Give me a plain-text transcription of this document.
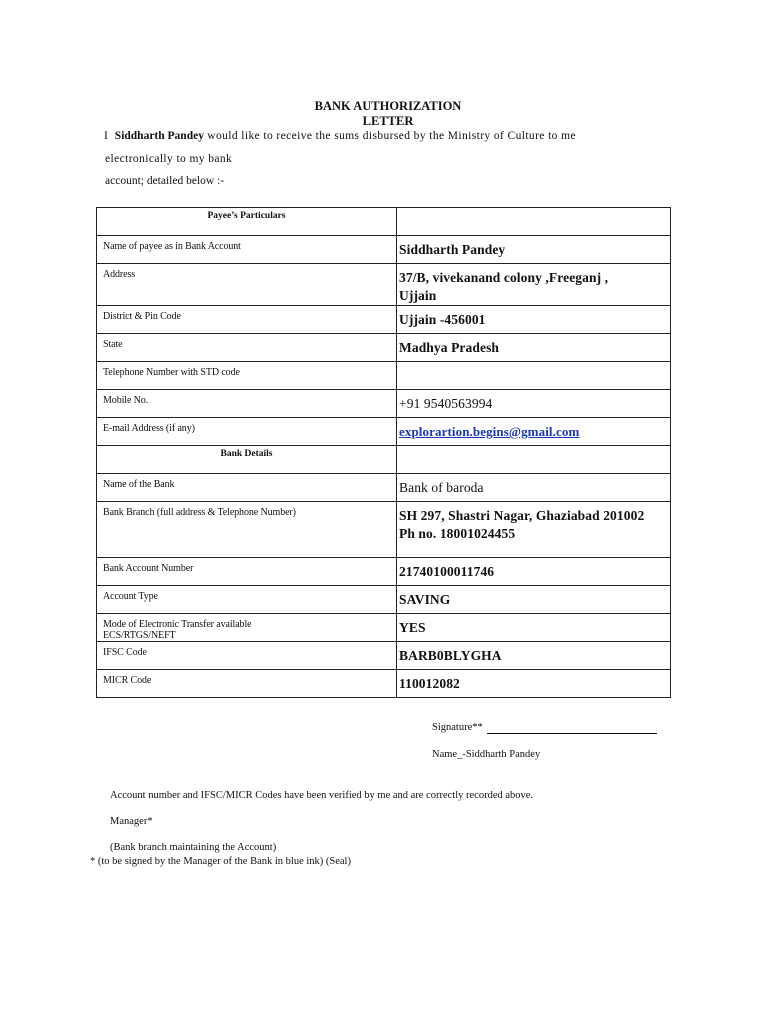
BANK AUTHORIZATION
LETTER
I Siddharth Pandey would like to receive the sums disbursed by the Ministry of Culture to me
electronically to my bank
account; detailed below :-
Payee’s Particulars	
Name of payee as in Bank Account	Siddharth Pandey
Address	37/B, vivekanand colony ,Freeganj ,
Ujjain

District & Pin Code	Ujjain -456001
State	Madhya Pradesh
Telephone Number with STD code	
Mobile No.	+91 9540563994
E-mail Address (if any)	explorartion.begins@gmail.com
Bank Details	
Name of the Bank	Bank of baroda
Bank Branch (full address & Telephone Number)	SH 297, Shastri Nagar, Ghaziabad 201002
Ph no. 18001024455

Bank Account Number	21740100011746
Account Type	SAVING

Mode of Electronic Transfer available
ECS/RTGS/NEFT	YES
IFSC Code	BARB0BLYGHA
MICR Code	110012082
Signature**
Name_-Siddharth Pandey
Account number and IFSC/MICR Codes have been verified by me and are correctly recorded above.
Manager*
(Bank branch maintaining the Account)
* (to be signed by the Manager of the Bank in blue ink) (Seal)
